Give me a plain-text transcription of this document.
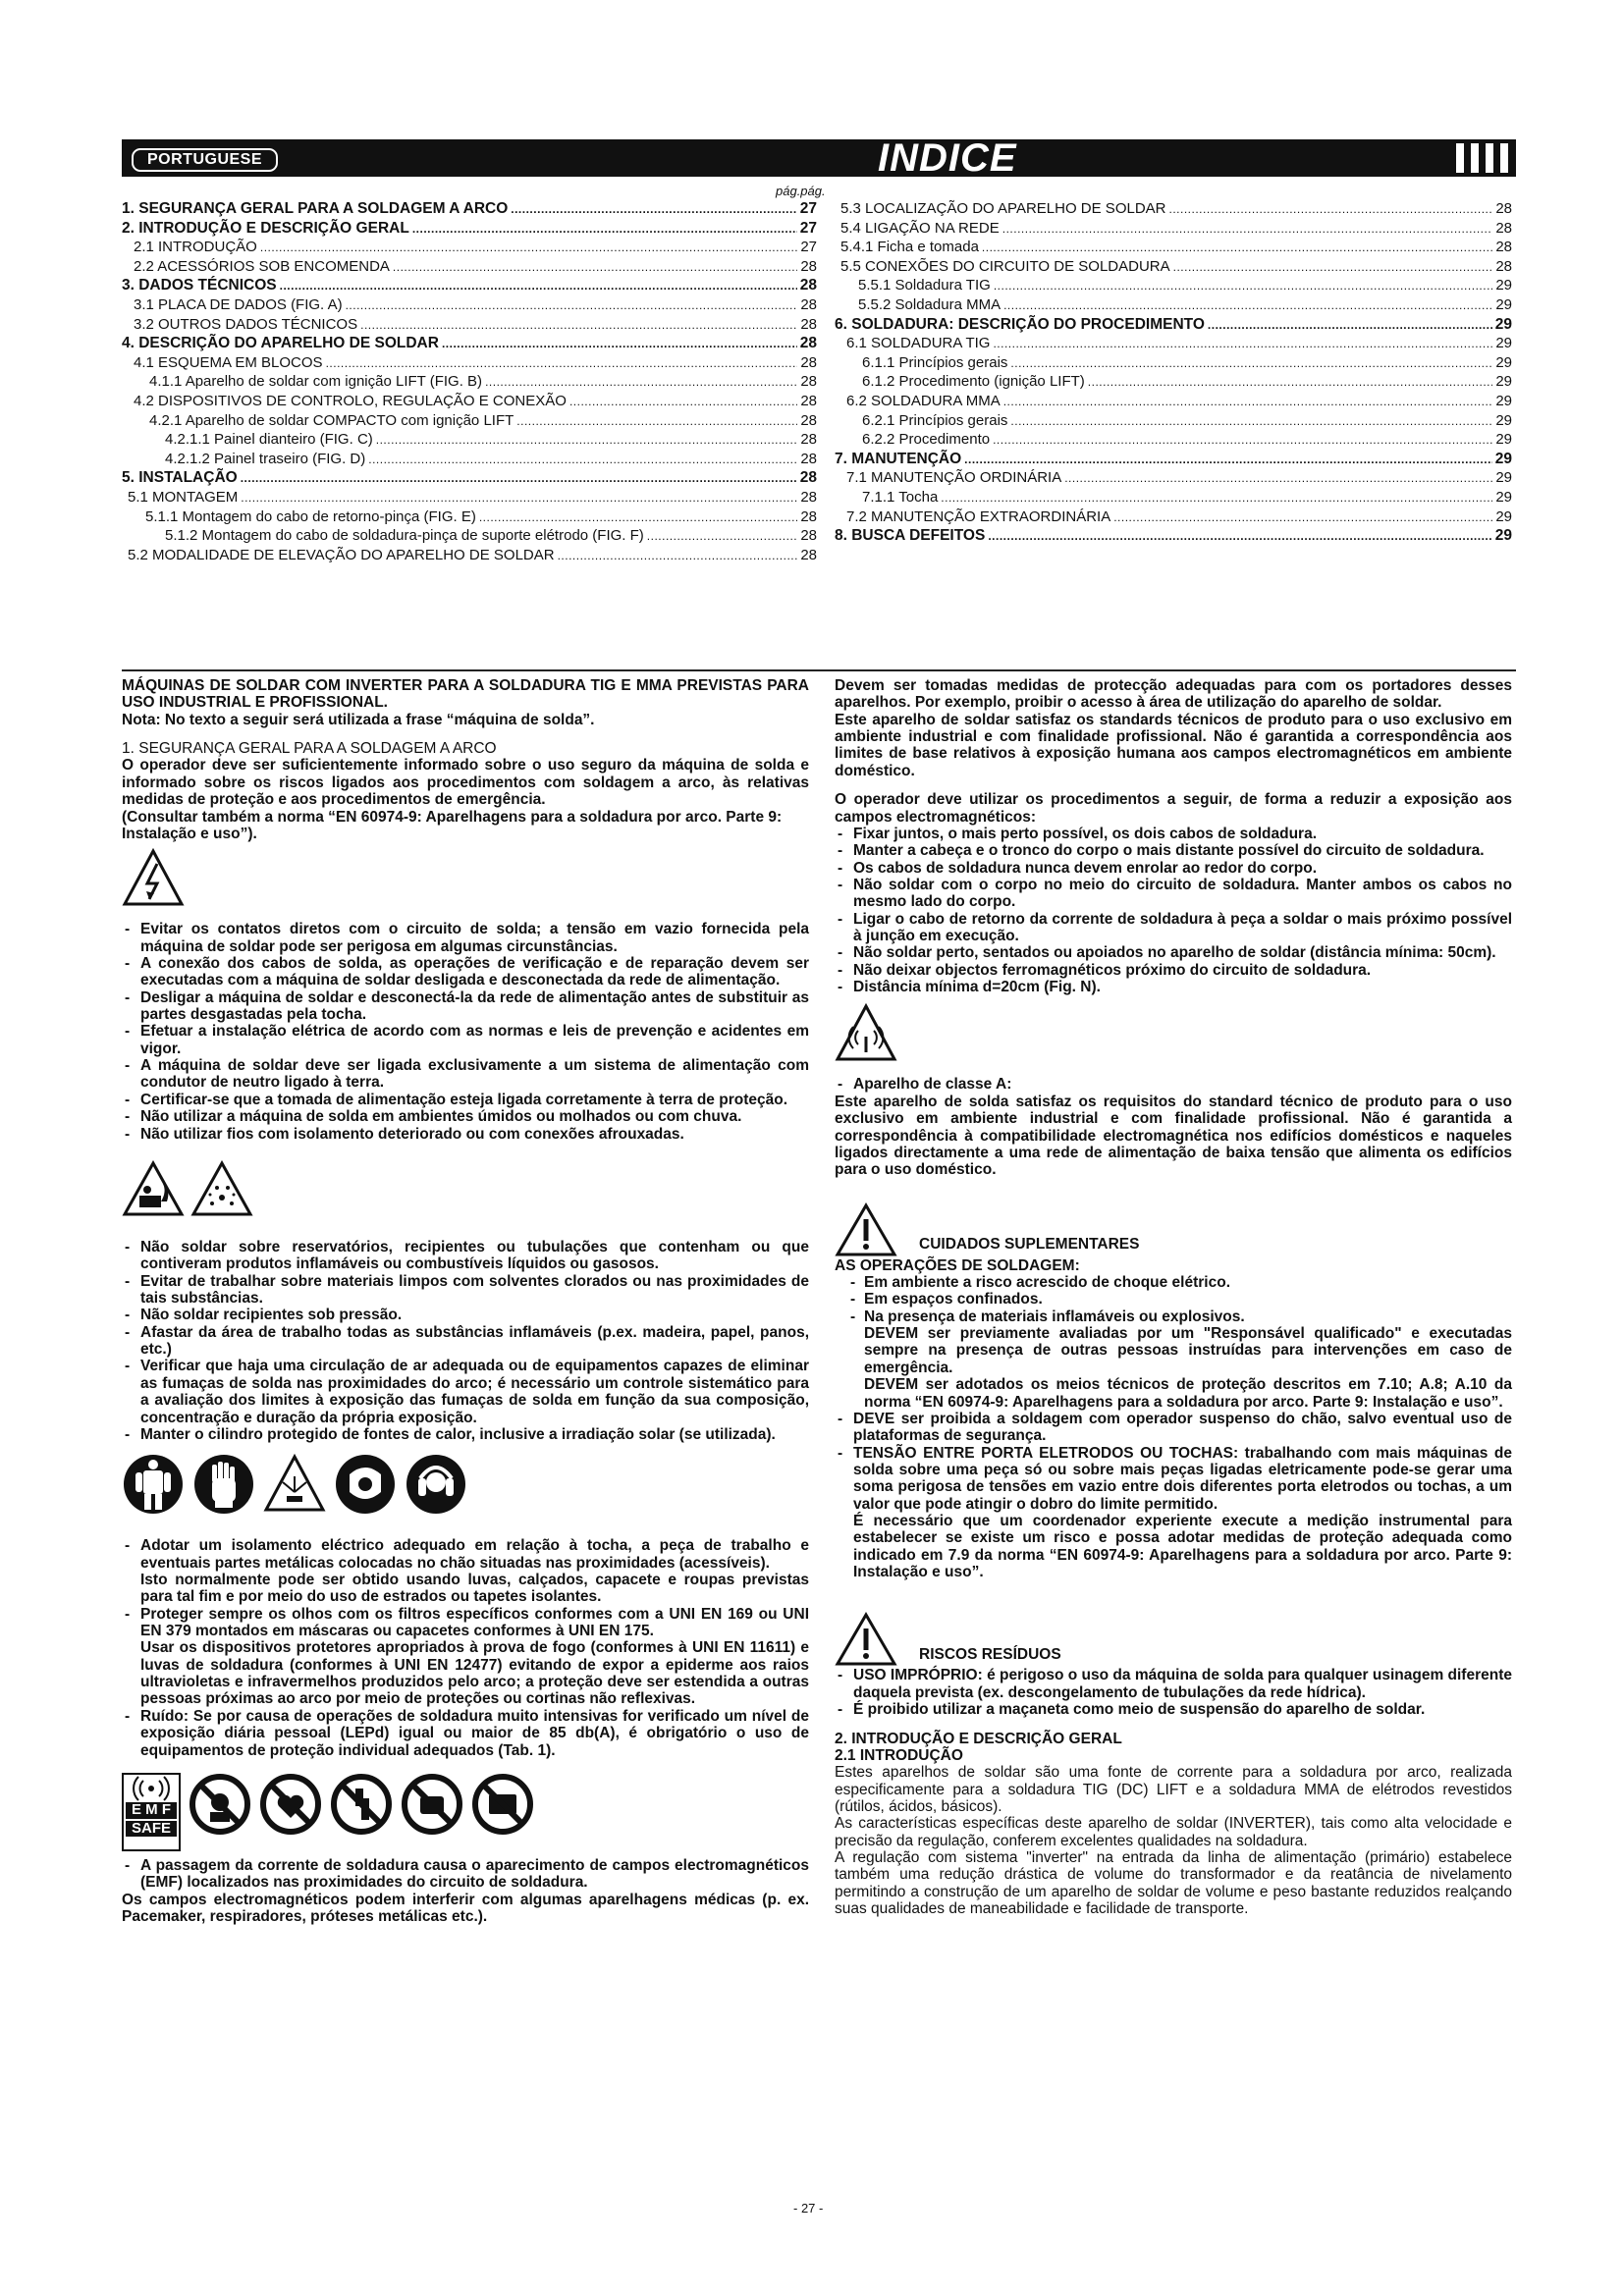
PORTUGUESE	INDICE
pág.pág.
1. SEGURANÇA GERAL PARA A SOLDAGEM A ARCO .....	27
2. INTRODUÇÃO E DESCRIÇÃO GERAL .....	27
2.1 INTRODUÇÃO .....	27
2.2 ACESSÓRIOS SOB ENCOMENDA .....	28
3. DADOS TÉCNICOS .....	28
3.1 PLACA DE DADOS (FIG. A) .....	28
3.2 OUTROS DADOS TÉCNICOS .....	28
4. DESCRIÇÃO DO APARELHO DE SOLDAR .....	28
4.1 ESQUEMA EM BLOCOS .....	28
4.1.1 Aparelho de soldar com ignição LIFT (FIG. B) .....	28
4.2 DISPOSITIVOS DE CONTROLO, REGULAÇÃO E CONEXÃO .....	28
4.2.1 Aparelho de soldar COMPACTO com ignição LIFT .....	28
4.2.1.1 Painel dianteiro (FIG. C) .....	28
4.2.1.2 Painel traseiro (FIG. D) .....	28
5. INSTALAÇÃO .....	28
5.1 MONTAGEM .....	28
5.1.1 Montagem do cabo de retorno-pinça (FIG. E) .....	28
5.1.2 Montagem do cabo de soldadura-pinça de suporte elétrodo (FIG. F) .....	28
5.2 MODALIDADE DE ELEVAÇÃO DO APARELHO DE SOLDAR .....	28
5.3 LOCALIZAÇÃO DO APARELHO DE SOLDAR .....	28
5.4 LIGAÇÃO NA REDE .....	28
5.4.1 Ficha e tomada .....	28
5.5 CONEXÕES DO CIRCUITO DE SOLDADURA .....	28
5.5.1 Soldadura TIG .....	29
5.5.2 Soldadura MMA .....	29
6. SOLDADURA: DESCRIÇÃO DO PROCEDIMENTO .....	29
6.1 SOLDADURA TIG .....	29
6.1.1 Princípios gerais .....	29
6.1.2 Procedimento (ignição LIFT) .....	29
6.2 SOLDADURA MMA .....	29
6.2.1 Princípios gerais .....	29
6.2.2 Procedimento .....	29
7. MANUTENÇÃO .....	29
7.1 MANUTENÇÃO ORDINÁRIA .....	29
7.1.1 Tocha .....	29
7.2 MANUTENÇÃO EXTRAORDINÁRIA .....	29
8. BUSCA DEFEITOS .....	29

MÁQUINAS DE SOLDAR COM INVERTER PARA A SOLDADURA TIG E MMA PREVISTAS PARA USO INDUSTRIAL E PROFISSIONAL.

Nota: No texto a seguir será utilizada a frase “máquina de solda”.

1. SEGURANÇA GERAL PARA A SOLDAGEM A ARCO

O operador deve ser suficientemente informado sobre o uso seguro da máquina de solda e informado sobre os riscos ligados aos procedimentos com soldagem a arco, às relativas medidas de proteção e aos procedimentos de emergência.

(Consultar também a norma “EN 60974-9: Aparelhagens para a soldadura por arco. Parte 9: Instalação e uso”).

- Evitar os contatos diretos com o circuito de solda; a tensão em vazio fornecida pela máquina de soldar pode ser perigosa em algumas circunstâncias.
- A conexão dos cabos de solda, as operações de verificação e de reparação devem ser executadas com a máquina de soldar desligada e desconectada da rede de alimentação.
- Desligar a máquina de soldar e desconectá-la da rede de alimentação antes de substituir as partes desgastadas pela tocha.
- Efetuar a instalação elétrica de acordo com as normas e leis de prevenção e acidentes em vigor.
- A máquina de soldar deve ser ligada exclusivamente a um sistema de alimentação com condutor de neutro ligado à terra.
- Certificar-se que a tomada de alimentação esteja ligada corretamente à terra de proteção.
- Não utilizar a máquina de solda em ambientes úmidos ou molhados ou com chuva.
- Não utilizar fios com isolamento deteriorado ou com conexões afrouxadas.
- Não soldar sobre reservatórios, recipientes ou tubulações que contenham ou que contiveram produtos inflamáveis ou combustíveis líquidos ou gasosos.
- Evitar de trabalhar sobre materiais limpos com solventes clorados ou nas proximidades de tais substâncias.
- Não soldar recipientes sob pressão.
- Afastar da área de trabalho todas as substâncias inflamáveis (p.ex. madeira, papel, panos, etc.)
- Verificar que haja uma circulação de ar adequada ou de equipamentos capazes de eliminar as fumaças de solda nas proximidades do arco; é necessário um controle sistemático para a avaliação dos limites à exposição das fumaças de solda em função da sua composição, concentração e duração da própria exposição.
- Manter o cilindro protegido de fontes de calor, inclusive a irradiação solar (se utilizada).
- Adotar um isolamento eléctrico adequado em relação à tocha, a peça de trabalho e eventuais partes metálicas colocadas no chão situadas nas proximidades (acessíveis).
Isto normalmente pode ser obtido usando luvas, calçados, capacete e roupas previstas para tal fim e por meio do uso de estrados ou tapetes isolantes.
- Proteger sempre os olhos com os filtros específicos conformes com a UNI EN 169 ou UNI EN 379 montados em máscaras ou capacetes conformes à UNI EN 175.
Usar os dispositivos protetores apropriados à prova de fogo (conformes à UNI EN 11611) e luvas de soldadura (conformes à UNI EN 12477) evitando de expor a epiderme aos raios ultravioletas e infravermelhos produzidos pelo arco; a proteção deve ser estendida a outras pessoas próximas ao arco por meio de proteções ou cortinas não reflexivas.
- Ruído: Se por causa de operações de soldadura muito intensivas for verificado um nível de exposição diária pessoal (LEPd) igual ou maior de 85 db(A), é obrigatório o uso de equipamentos de proteção individual adequados (Tab. 1).
E M F
SAFE
- A passagem da corrente de soldadura causa o aparecimento de campos electromagnéticos (EMF) localizados nas proximidades do circuito de soldadura.

Os campos electromagnéticos podem interferir com algumas aparelhagens médicas (p. ex. Pacemaker, respiradores, próteses metálicas etc.).

Devem ser tomadas medidas de protecção adequadas para com os portadores desses aparelhos. Por exemplo, proibir o acesso à área de utilização do aparelho de soldar.

Este aparelho de soldar satisfaz os standards técnicos de produto para o uso exclusivo em ambiente industrial e com finalidade profissional. Não é garantida a correspondência aos limites de base relativos à exposição humana aos campos electromagnéticos em ambiente doméstico.

O operador deve utilizar os procedimentos a seguir, de forma a reduzir a exposição aos campos electromagnéticos:

- Fixar juntos, o mais perto possível, os dois cabos de soldadura.
- Manter a cabeça e o tronco do corpo o mais distante possível do circuito de soldadura.
- Os cabos de soldadura nunca devem enrolar ao redor do corpo.
- Não soldar com o corpo no meio do circuito de soldadura. Manter ambos os cabos no mesmo lado do corpo.
- Ligar o cabo de retorno da corrente de soldadura à peça a soldar o mais próximo possível à junção em execução.
- Não soldar perto, sentados ou apoiados no aparelho de soldar (distância mínima: 50cm).
- Não deixar objectos ferromagnéticos próximo do circuito de soldadura.
- Distância mínima d=20cm (Fig. N).
- Aparelho de classe A:

Este aparelho de solda satisfaz os requisitos do standard técnico de produto para o uso exclusivo em ambiente industrial e com finalidade profissional. Não é garantida a correspondência à compatibilidade electromagnética nos edifícios domésticos e naqueles ligados directamente a uma rede de alimentação de baixa tensão que alimenta os edifícios para o uso doméstico.

CUIDADOS SUPLEMENTARES

AS OPERAÇÕES DE SOLDAGEM:

- Em ambiente a risco acrescido de choque elétrico.
- Em espaços confinados.
- Na presença de materiais inflamáveis ou explosivos.

DEVEM ser previamente avaliadas por um "Responsável qualificado" e executadas sempre na presença de outras pessoas instruídas para intervenções em caso de emergência.

DEVEM ser adotados os meios técnicos de proteção descritos em 7.10; A.8; A.10 da norma “EN 60974-9: Aparelhagens para a soldadura por arco. Parte 9: Instalação e uso”.

- DEVE ser proibida a soldagem com operador suspenso do chão, salvo eventual uso de plataformas de segurança.
- TENSÃO ENTRE PORTA ELETRODOS OU TOCHAS: trabalhando com mais máquinas de solda sobre uma peça só ou sobre mais peças ligadas eletricamente pode-se gerar uma soma perigosa de tensões em vazio entre dois diferentes porta eletrodos ou tochas, a um valor que pode atingir o dobro do limite permitido.

É necessário que um coordenador experiente execute a medição instrumental para estabelecer se existe um risco e possa adotar medidas de proteção adequada como indicado em 7.9 da norma “EN 60974-9: Aparelhagens para a soldadura por arco. Parte 9: Instalação e uso”.

RISCOS RESÍDUOS
- USO IMPRÓPRIO: é perigoso o uso da máquina de solda para qualquer usinagem diferente daquela prevista (ex. descongelamento de tubulações da rede hídrica).
- É proibido utilizar a maçaneta como meio de suspensão do aparelho de soldar.

2. INTRODUÇÃO E DESCRIÇÃO GERAL

2.1 INTRODUÇÃO

Estes aparelhos de soldar são uma fonte de corrente para a soldadura por arco, realizada especificamente para a soldadura TIG (DC) LIFT e a soldadura MMA de elétrodos revestidos (rútilos, ácidos, básicos).

As características específicas deste aparelho de soldar (INVERTER), tais como alta velocidade e precisão da regulação, conferem excelentes qualidades na soldadura.

A regulação com sistema "inverter" na entrada da linha de alimentação (primário) estabelece também uma redução drástica de volume do transformador e da reatância de nivelamento permitindo a construção de um aparelho de soldar de volume e peso bastante reduzidos realçando suas qualidades de maneabilidade e facilidade de transporte.

- 27 -
